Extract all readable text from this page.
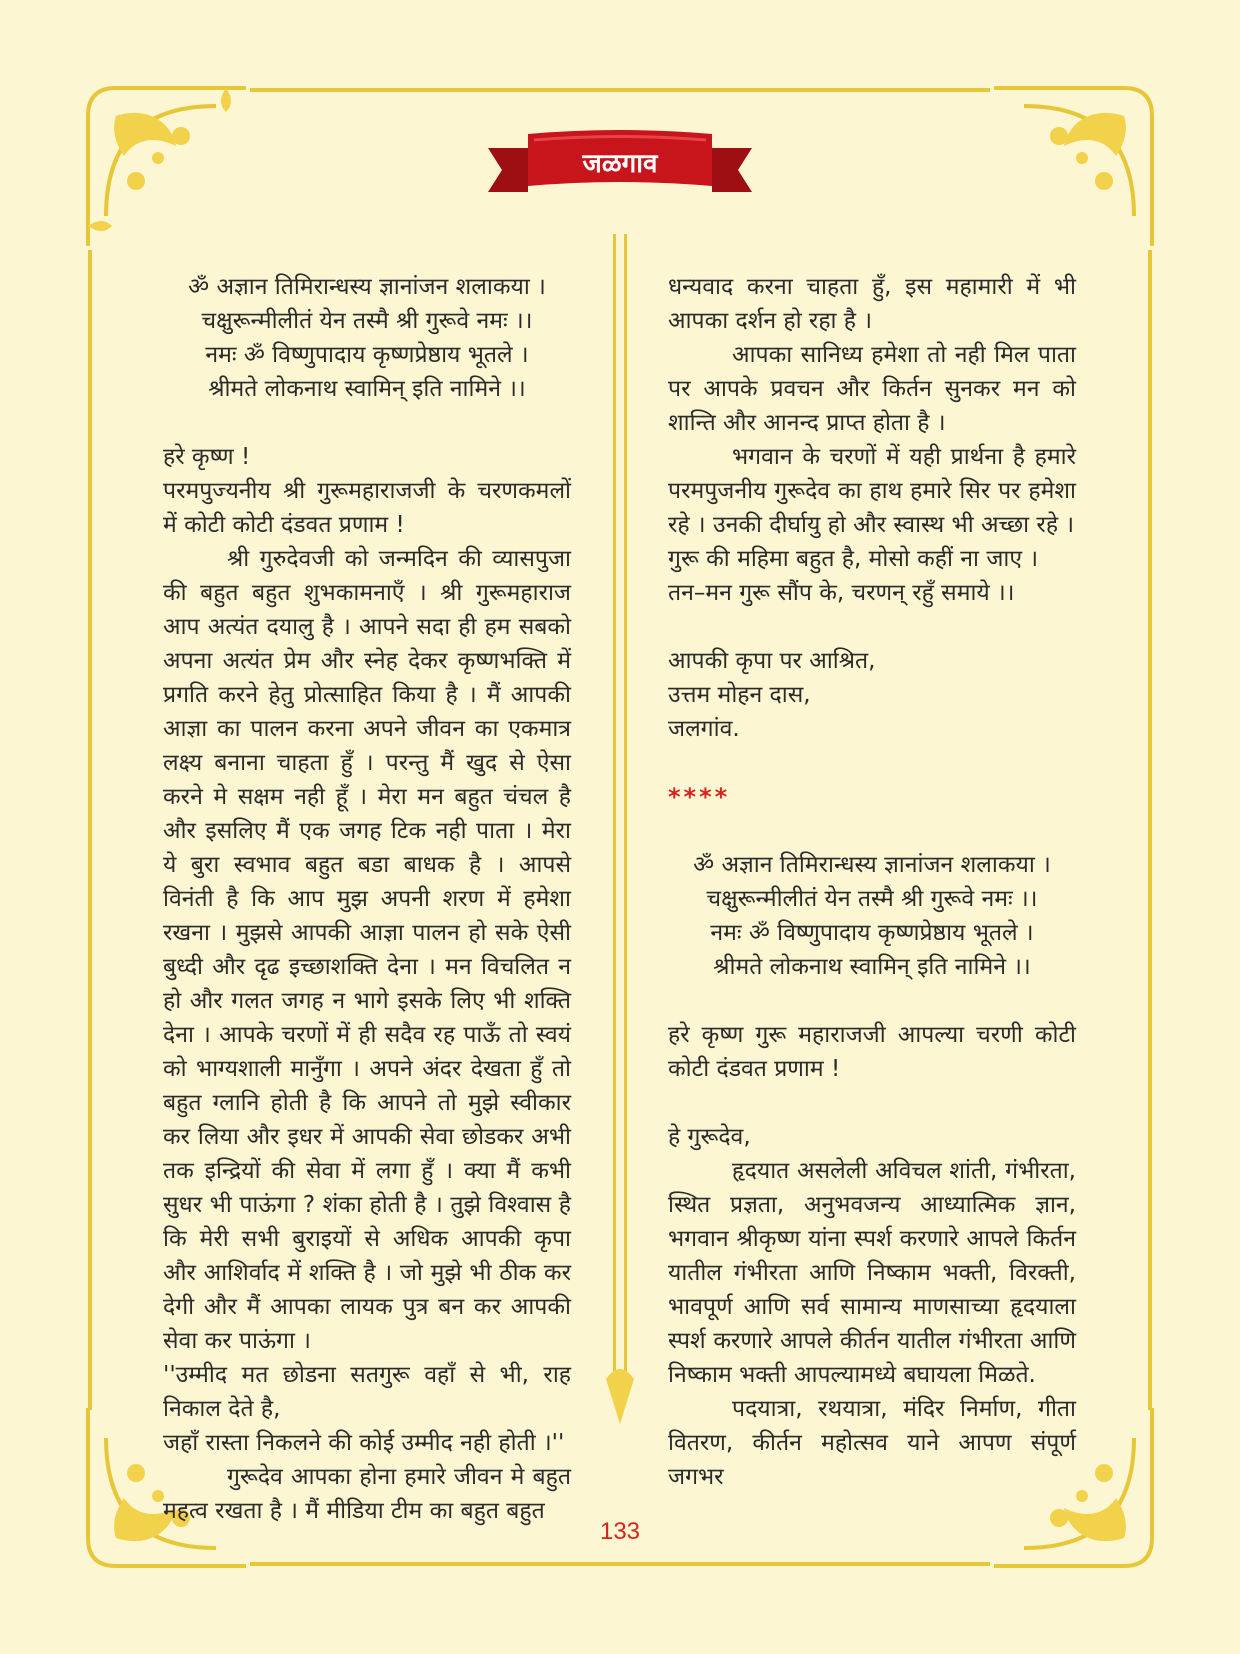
जळगाव

ॐ अज्ञान तिमिरान्धस्य ज्ञानांजन शलाकया ।

चक्षुरून्मीलीतं येन तस्मै श्री गुरूवे नमः ।।

नमः ॐ विष्णुपादाय कृष्णप्रेष्ठाय भूतले ।

श्रीमते लोकनाथ स्वामिन् इति नामिने ।।

हरे कृष्ण !

परमपुज्यनीय श्री गुरूमहाराजजी के चरणकमलों में कोटी कोटी दंडवत प्रणाम !

श्री गुरुदेवजी को जन्मदिन की व्यासपुजा की बहुत बहुत शुभकामनाएँ । श्री गुरूमहाराज आप अत्यंत दयालु है । आपने सदा ही हम सबको अपना अत्यंत प्रेम और स्नेह देकर कृष्णभक्ति में प्रगति करने हेतु प्रोत्साहित किया है । मैं आपकी आज्ञा का पालन करना अपने जीवन का एकमात्र लक्ष्य बनाना चाहता हुँ । परन्तु मैं खुद से ऐसा करने मे सक्षम नही हूँ । मेरा मन बहुत चंचल है और इसलिए मैं एक जगह टिक नही पाता । मेरा ये बुरा स्वभाव बहुत बडा बाधक है । आपसे विनंती है कि आप मुझ अपनी शरण में हमेशा रखना । मुझसे आपकी आज्ञा पालन हो सके ऐसी बुध्दी और दृढ इच्छाशक्ति देना । मन विचलित न हो और गलत जगह न भागे इसके लिए भी शक्ति देना । आपके चरणों में ही सदैव रह पाऊँ तो स्वयं को भाग्यशाली मानुँगा । अपने अंदर देखता हुँ तो बहुत ग्लानि होती है कि आपने तो मुझे स्वीकार कर लिया और इधर में आपकी सेवा छोडकर अभी तक इन्द्रियों की सेवा में लगा हुँ । क्या मैं कभी सुधर भी पाऊंगा ? शंका होती है । तुझे विश्वास है कि मेरी सभी बुराइयों से अधिक आपकी कृपा और आशिर्वाद में शक्ति है । जो मुझे भी ठीक कर देगी और मैं आपका लायक पुत्र बन कर आपकी सेवा कर पाऊंगा ।

''उम्मीद मत छोडना सतगुरू वहाँ से भी, राह निकाल देते है,

जहाँ रास्ता निकलने की कोई उम्मीद नही होती ।''

गुरूदेव आपका होना हमारे जीवन मे बहुत महत्व रखता है । मैं मीडिया टीम का बहुत बहुत

धन्यवाद करना चाहता हुँ, इस महामारी में भी आपका दर्शन हो रहा है ।

आपका सानिध्य हमेशा तो नही मिल पाता पर आपके प्रवचन और किर्तन सुनकर मन को शान्ति और आनन्द प्राप्त होता है ।

भगवान के चरणों में यही प्रार्थना है हमारे परमपुजनीय गुरूदेव का हाथ हमारे सिर पर हमेशा रहे । उनकी दीर्घायु हो और स्वास्थ भी अच्छा रहे ।

गुरू की महिमा बहुत है, मोसो कहीं ना जाए ।

तन–मन गुरू सौंप के, चरणन् रहुँ समाये ।।

आपकी कृपा पर आश्रित,

उत्तम मोहन दास,

जलगांव.

****

ॐ अज्ञान तिमिरान्धस्य ज्ञानांजन शलाकया ।

चक्षुरून्मीलीतं येन तस्मै श्री गुरूवे नमः ।।

नमः ॐ विष्णुपादाय कृष्णप्रेष्ठाय भूतले ।

श्रीमते लोकनाथ स्वामिन् इति नामिने ।।

हरे कृष्ण गुरू महाराजजी आपल्या चरणी कोटी कोटी दंडवत प्रणाम !

हे गुरूदेव,

हृदयात असलेली अविचल शांती, गंभीरता, स्थित प्रज्ञता, अनुभवजन्य आध्यात्मिक ज्ञान, भगवान श्रीकृष्ण यांना स्पर्श करणारे आपले किर्तन यातील गंभीरता आणि निष्काम भक्ती, विरक्ती, भावपूर्ण आणि सर्व सामान्य माणसाच्या हृदयाला स्पर्श करणारे आपले कीर्तन यातील गंभीरता आणि निष्काम भक्ती आपल्यामध्ये बघायला मिळते.

पदयात्रा, रथयात्रा, मंदिर निर्माण, गीता वितरण, कीर्तन महोत्सव याने आपण संपूर्ण जगभर

133
